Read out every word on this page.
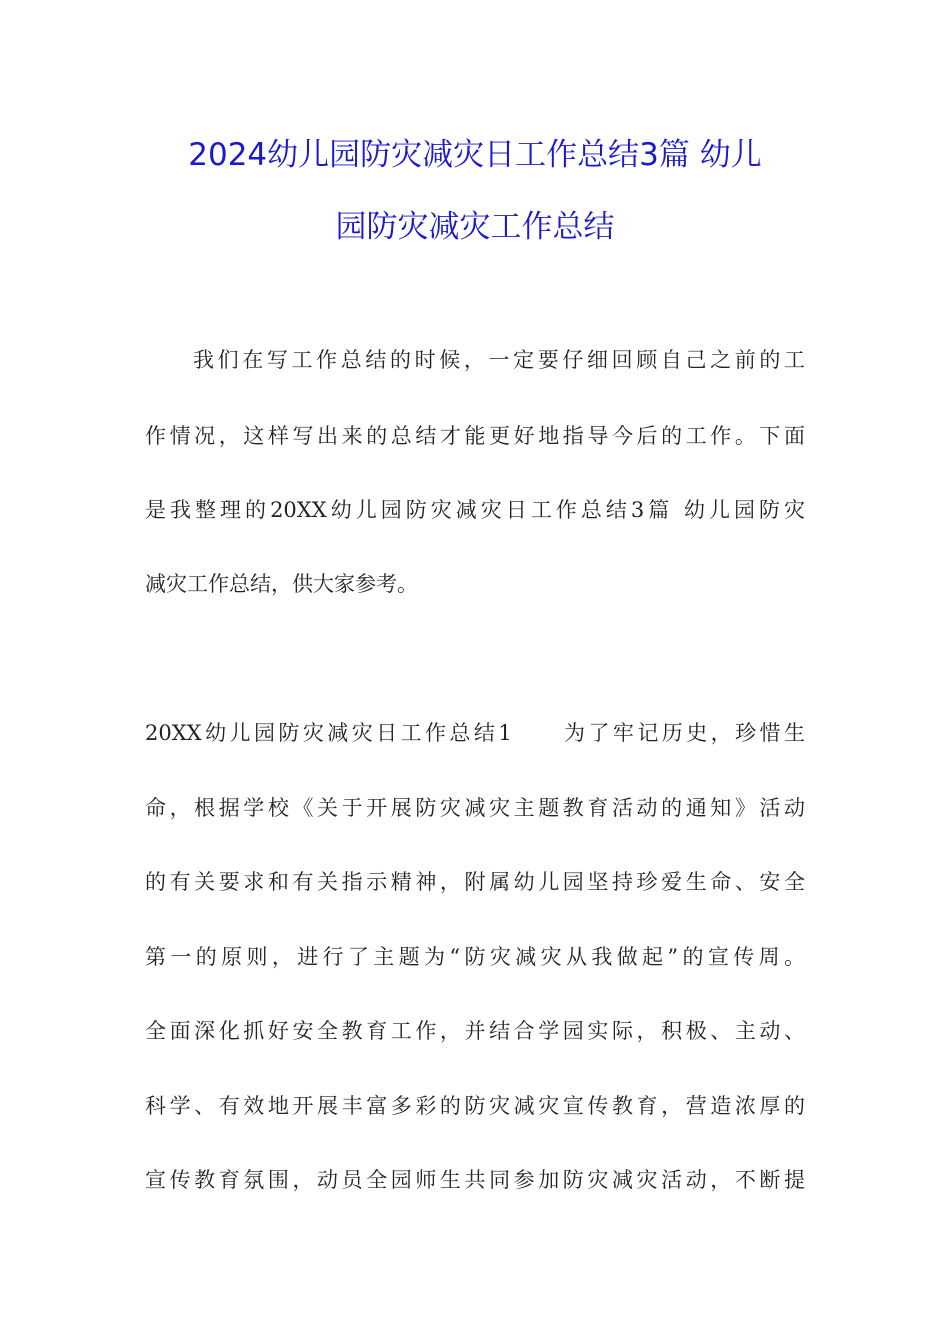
2024幼儿园防灾减灾日工作总结3篇 幼儿
园防灾减灾工作总结
我们在写工作总结的时候，一定要仔细回顾自己之前的工
作情况，这样写出来的总结才能更好地指导今后的工作。下面
是我整理的20XX幼儿园防灾减灾日工作总结3篇 幼儿园防灾
减灾工作总结，供大家参考。
20XX幼儿园防灾减灾日工作总结1　　为了牢记历史，珍惜生
命，根据学校《关于开展防灾减灾主题教育活动的通知》活动
的有关要求和有关指示精神，附属幼儿园坚持珍爱生命、安全
第一的原则，进行了主题为“防灾减灾从我做起”的宣传周。
全面深化抓好安全教育工作，并结合学园实际，积极、主动、
科学、有效地开展丰富多彩的防灾减灾宣传教育，营造浓厚的
宣传教育氛围，动员全园师生共同参加防灾减灾活动，不断提
